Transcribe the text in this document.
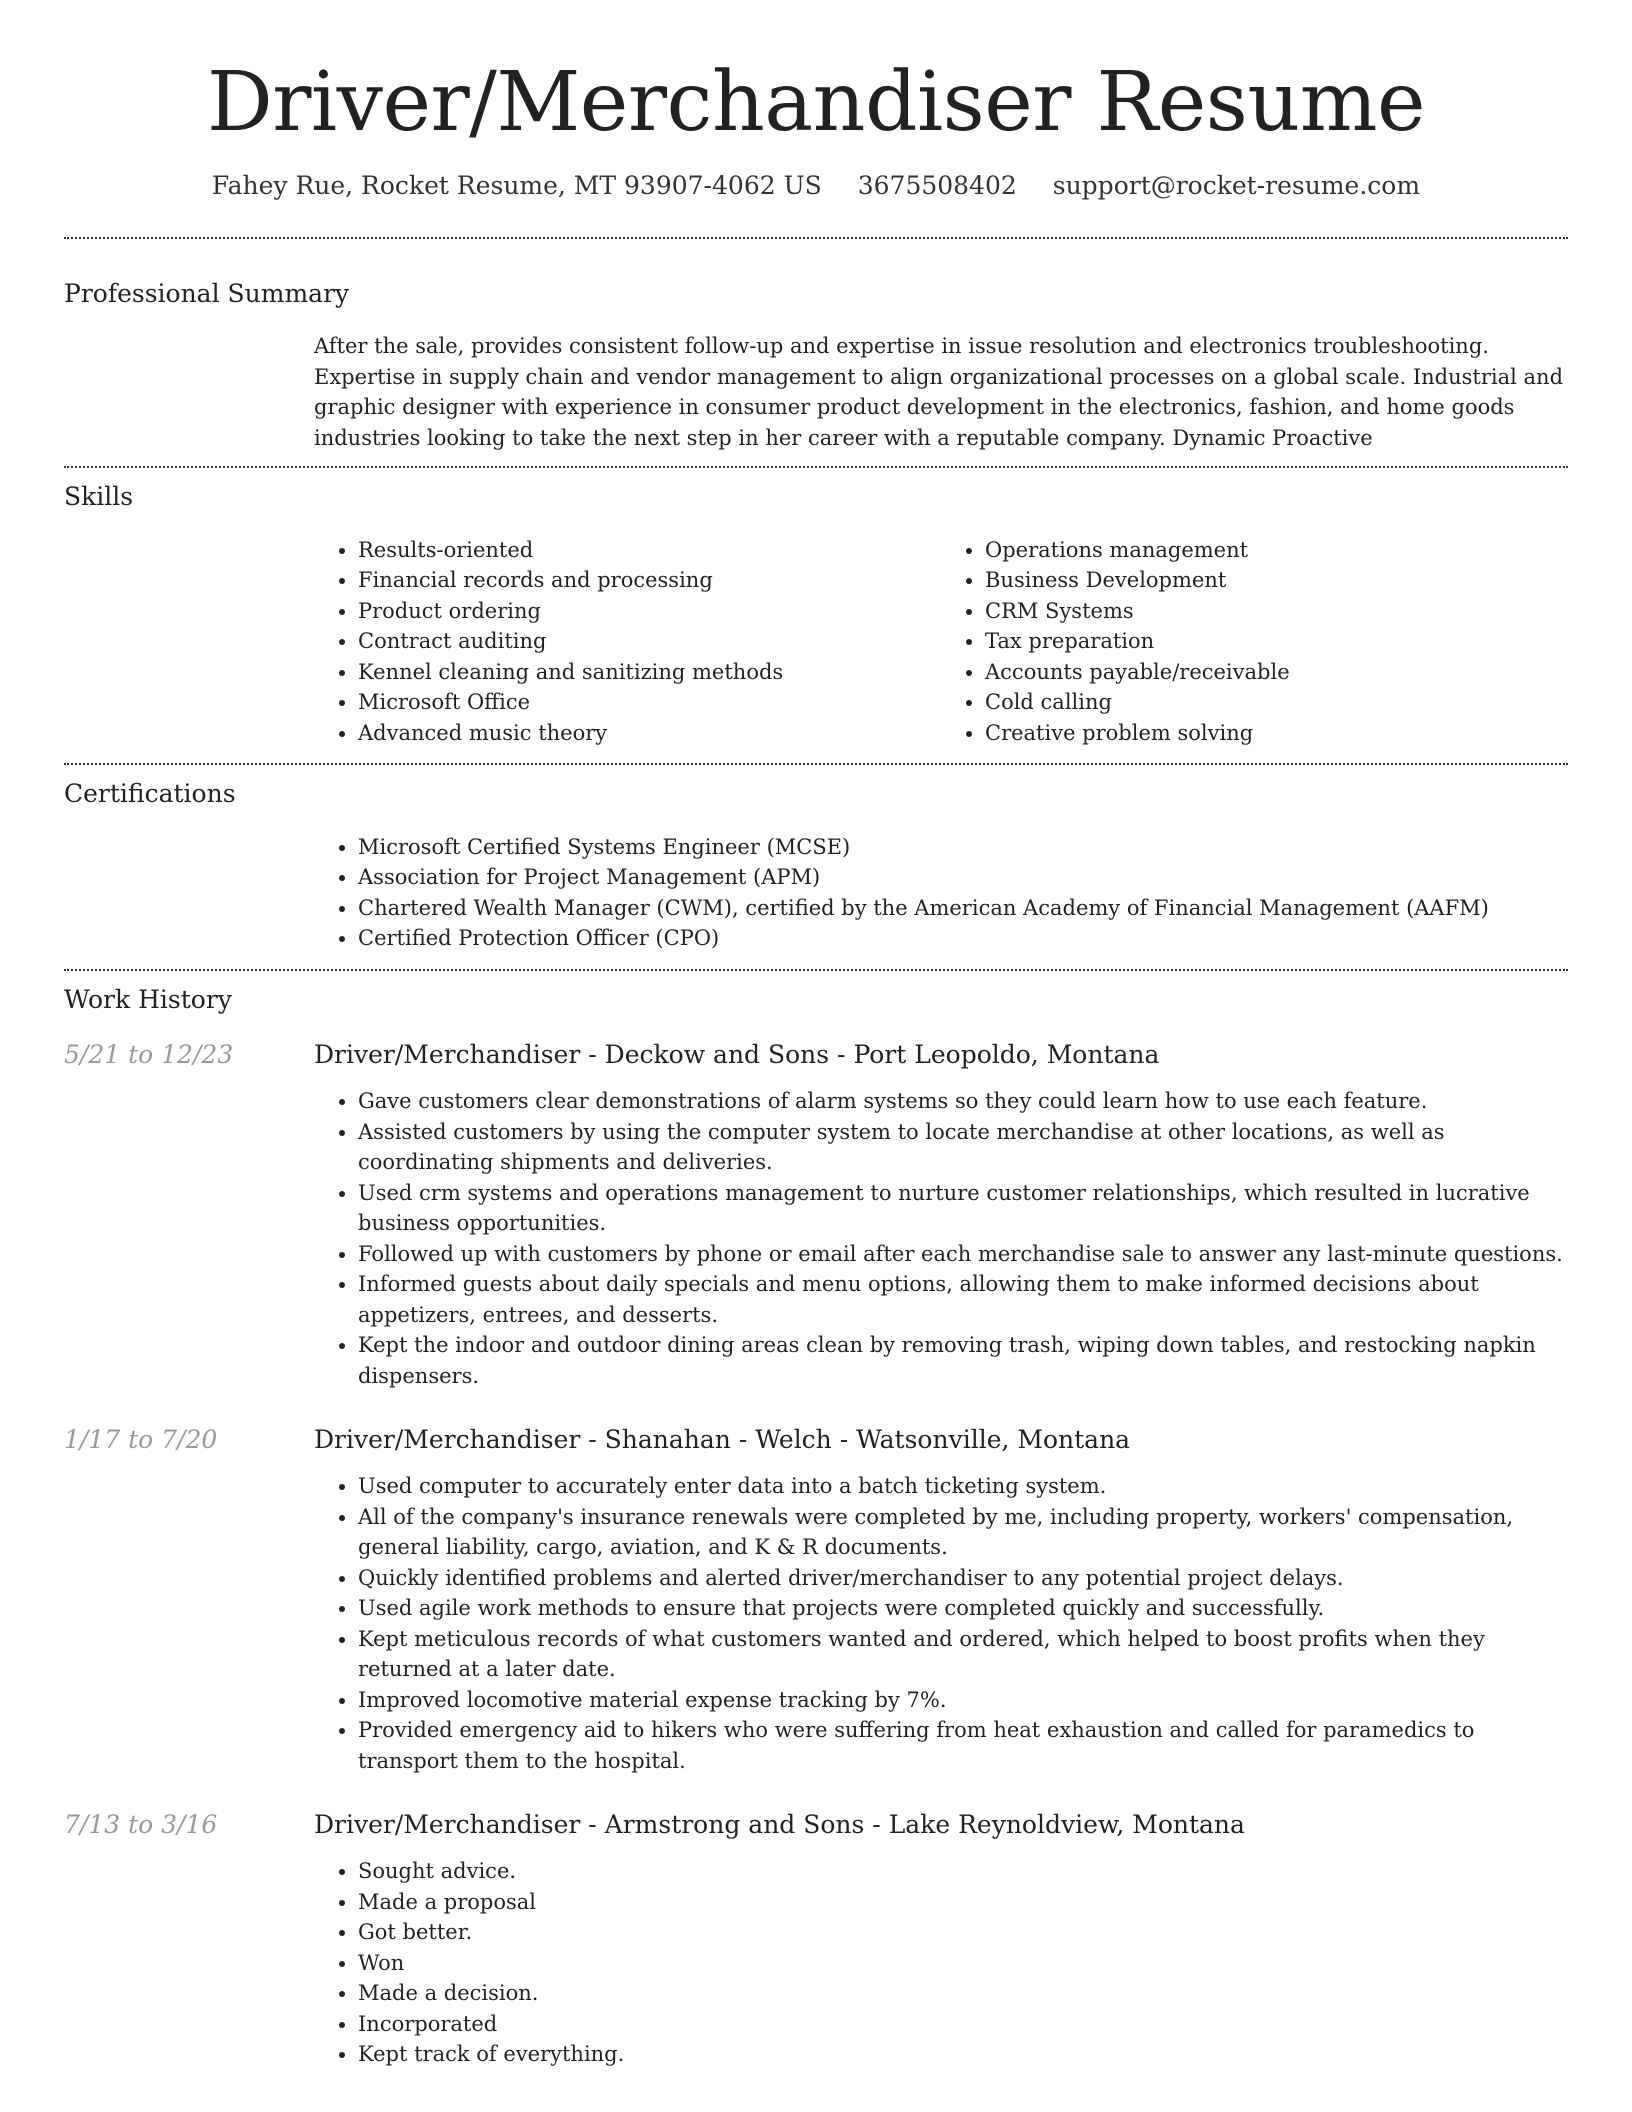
Driver/Merchandiser Resume
Fahey Rue, Rocket Resume, MT 93907-4062 US 3675508402 support@rocket-resume.com
Professional Summary

After the sale, provides consistent follow-up and expertise in issue resolution and electronics troubleshooting. Expertise in supply chain and vendor management to align organizational processes on a global scale. Industrial and graphic designer with experience in consumer product development in the electronics, fashion, and home goods industries looking to take the next step in her career with a reputable company. Dynamic Proactive

Skills
• Results-oriented
• Financial records and processing
• Product ordering
• Contract auditing
• Kennel cleaning and sanitizing methods
• Microsoft Office
• Advanced music theory
• Operations management
• Business Development
• CRM Systems
• Tax preparation
• Accounts payable/receivable
• Cold calling
• Creative problem solving
Certifications
• Microsoft Certified Systems Engineer (MCSE)
• Association for Project Management (APM)
• Chartered Wealth Manager (CWM), certified by the American Academy of Financial Management (AAFM)
• Certified Protection Officer (CPO)
Work History
5/21 to 12/23	Driver/Merchandiser - Deckow and Sons - Port Leopoldo, Montana
• Gave customers clear demonstrations of alarm systems so they could learn how to use each feature.
• Assisted customers by using the computer system to locate merchandise at other locations, as well as coordinating shipments and deliveries.
• Used crm systems and operations management to nurture customer relationships, which resulted in lucrative business opportunities.
• Followed up with customers by phone or email after each merchandise sale to answer any last-minute questions.
• Informed guests about daily specials and menu options, allowing them to make informed decisions about appetizers, entrees, and desserts.
• Kept the indoor and outdoor dining areas clean by removing trash, wiping down tables, and restocking napkin dispensers.
1/17 to 7/20	Driver/Merchandiser - Shanahan - Welch - Watsonville, Montana
• Used computer to accurately enter data into a batch ticketing system.
• All of the company's insurance renewals were completed by me, including property, workers' compensation, general liability, cargo, aviation, and K & R documents.
• Quickly identified problems and alerted driver/merchandiser to any potential project delays.
• Used agile work methods to ensure that projects were completed quickly and successfully.
• Kept meticulous records of what customers wanted and ordered, which helped to boost profits when they returned at a later date.
• Improved locomotive material expense tracking by 7%.
• Provided emergency aid to hikers who were suffering from heat exhaustion and called for paramedics to transport them to the hospital.
7/13 to 3/16	Driver/Merchandiser - Armstrong and Sons - Lake Reynoldview, Montana
• Sought advice.
• Made a proposal
• Got better.
• Won
• Made a decision.
• Incorporated
• Kept track of everything.
